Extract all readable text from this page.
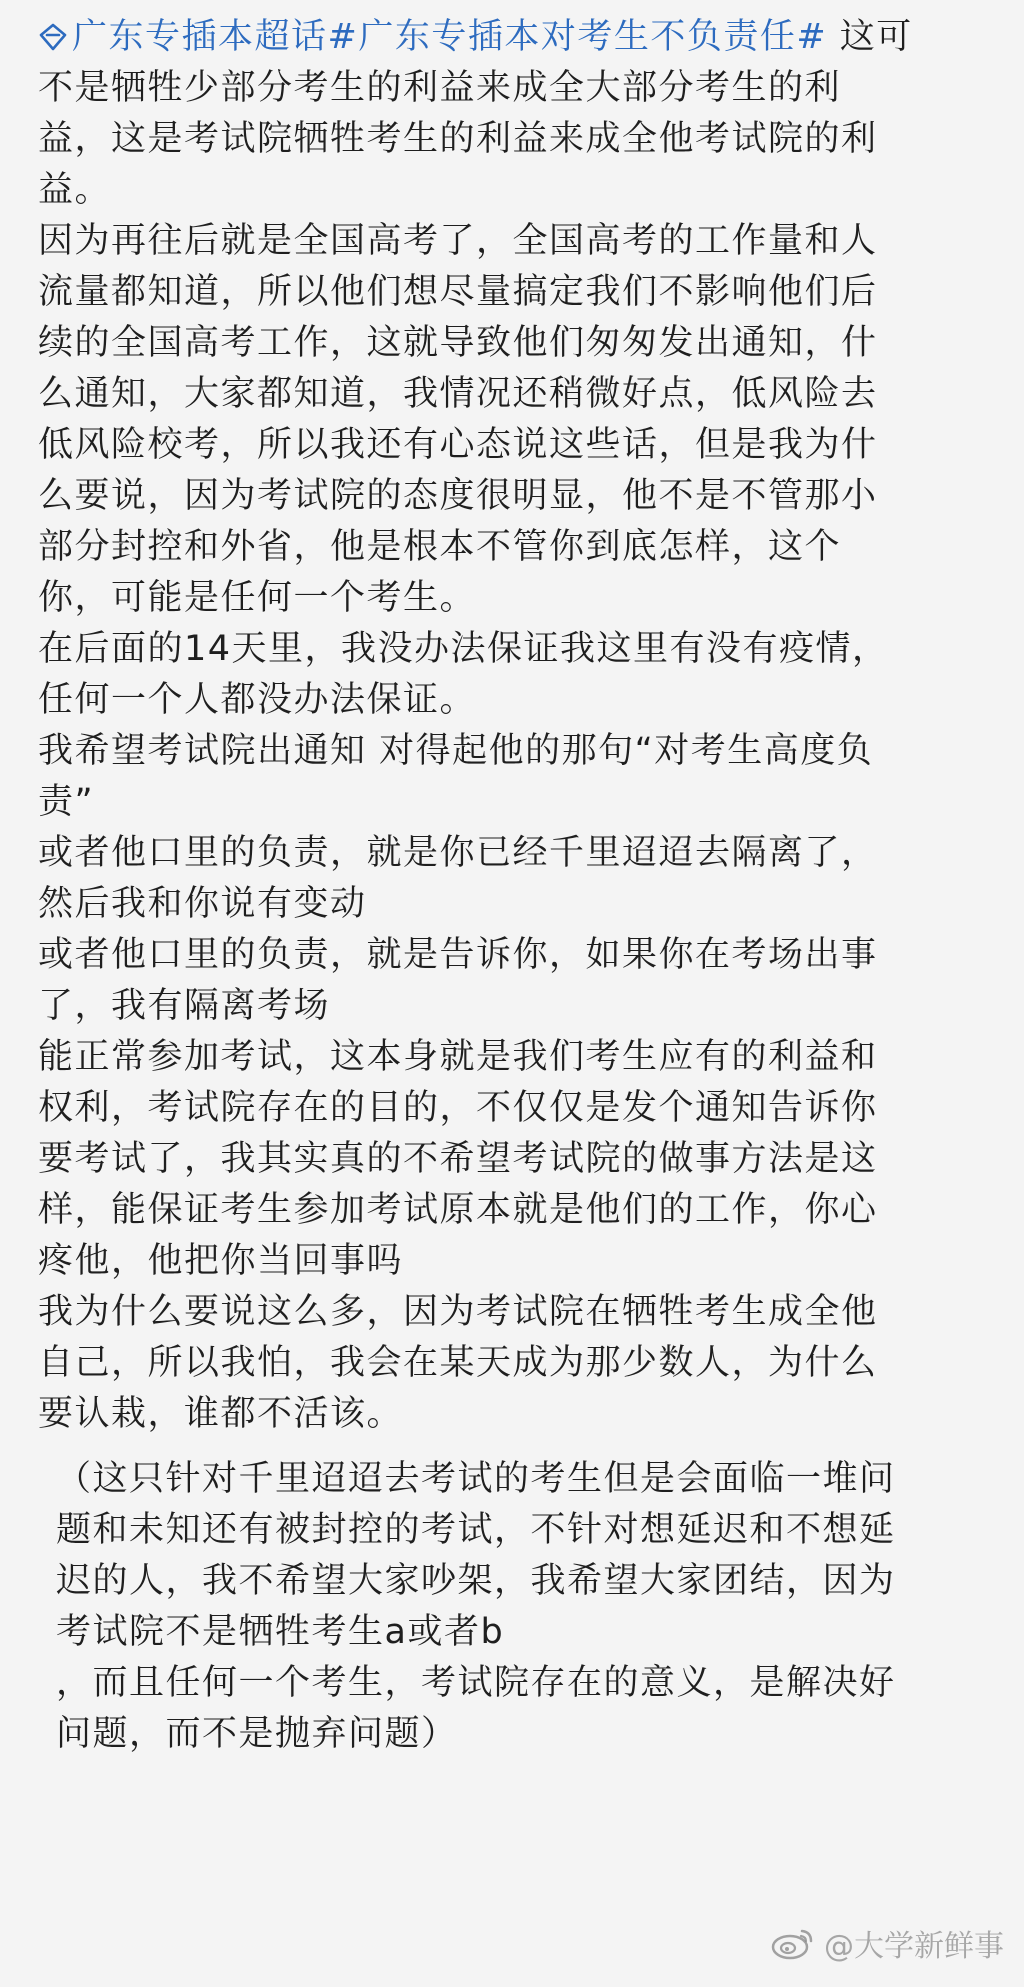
广东专插本超话#广东专插本对考生不负责任# 这可
不是牺牲少部分考生的利益来成全大部分考生的利
益，这是考试院牺牲考生的利益来成全他考试院的利
益。
因为再往后就是全国高考了，全国高考的工作量和人
流量都知道，所以他们想尽量搞定我们不影响他们后
续的全国高考工作，这就导致他们匆匆发出通知，什
么通知，大家都知道，我情况还稍微好点，低风险去
低风险校考，所以我还有心态说这些话，但是我为什
么要说，因为考试院的态度很明显，他不是不管那小
部分封控和外省，他是根本不管你到底怎样，这个
你，可能是任何一个考生。
在后面的14天里，我没办法保证我这里有没有疫情，
任何一个人都没办法保证。
我希望考试院出通知 对得起他的那句“对考生高度负
责”
或者他口里的负责，就是你已经千里迢迢去隔离了，
然后我和你说有变动
或者他口里的负责，就是告诉你，如果你在考场出事
了，我有隔离考场
能正常参加考试，这本身就是我们考生应有的利益和
权利，考试院存在的目的，不仅仅是发个通知告诉你
要考试了，我其实真的不希望考试院的做事方法是这
样，能保证考生参加考试原本就是他们的工作，你心
疼他，他把你当回事吗
我为什么要说这么多，因为考试院在牺牲考生成全他
自己，所以我怕，我会在某天成为那少数人，为什么
要认栽，谁都不活该。
（这只针对千里迢迢去考试的考生但是会面临一堆问
题和未知还有被封控的考试，不针对想延迟和不想延
迟的人，我不希望大家吵架，我希望大家团结，因为
考试院不是牺牲考生a或者b
，而且任何一个考生，考试院存在的意义，是解决好
问题，而不是抛弃问题）
@大学新鲜事
